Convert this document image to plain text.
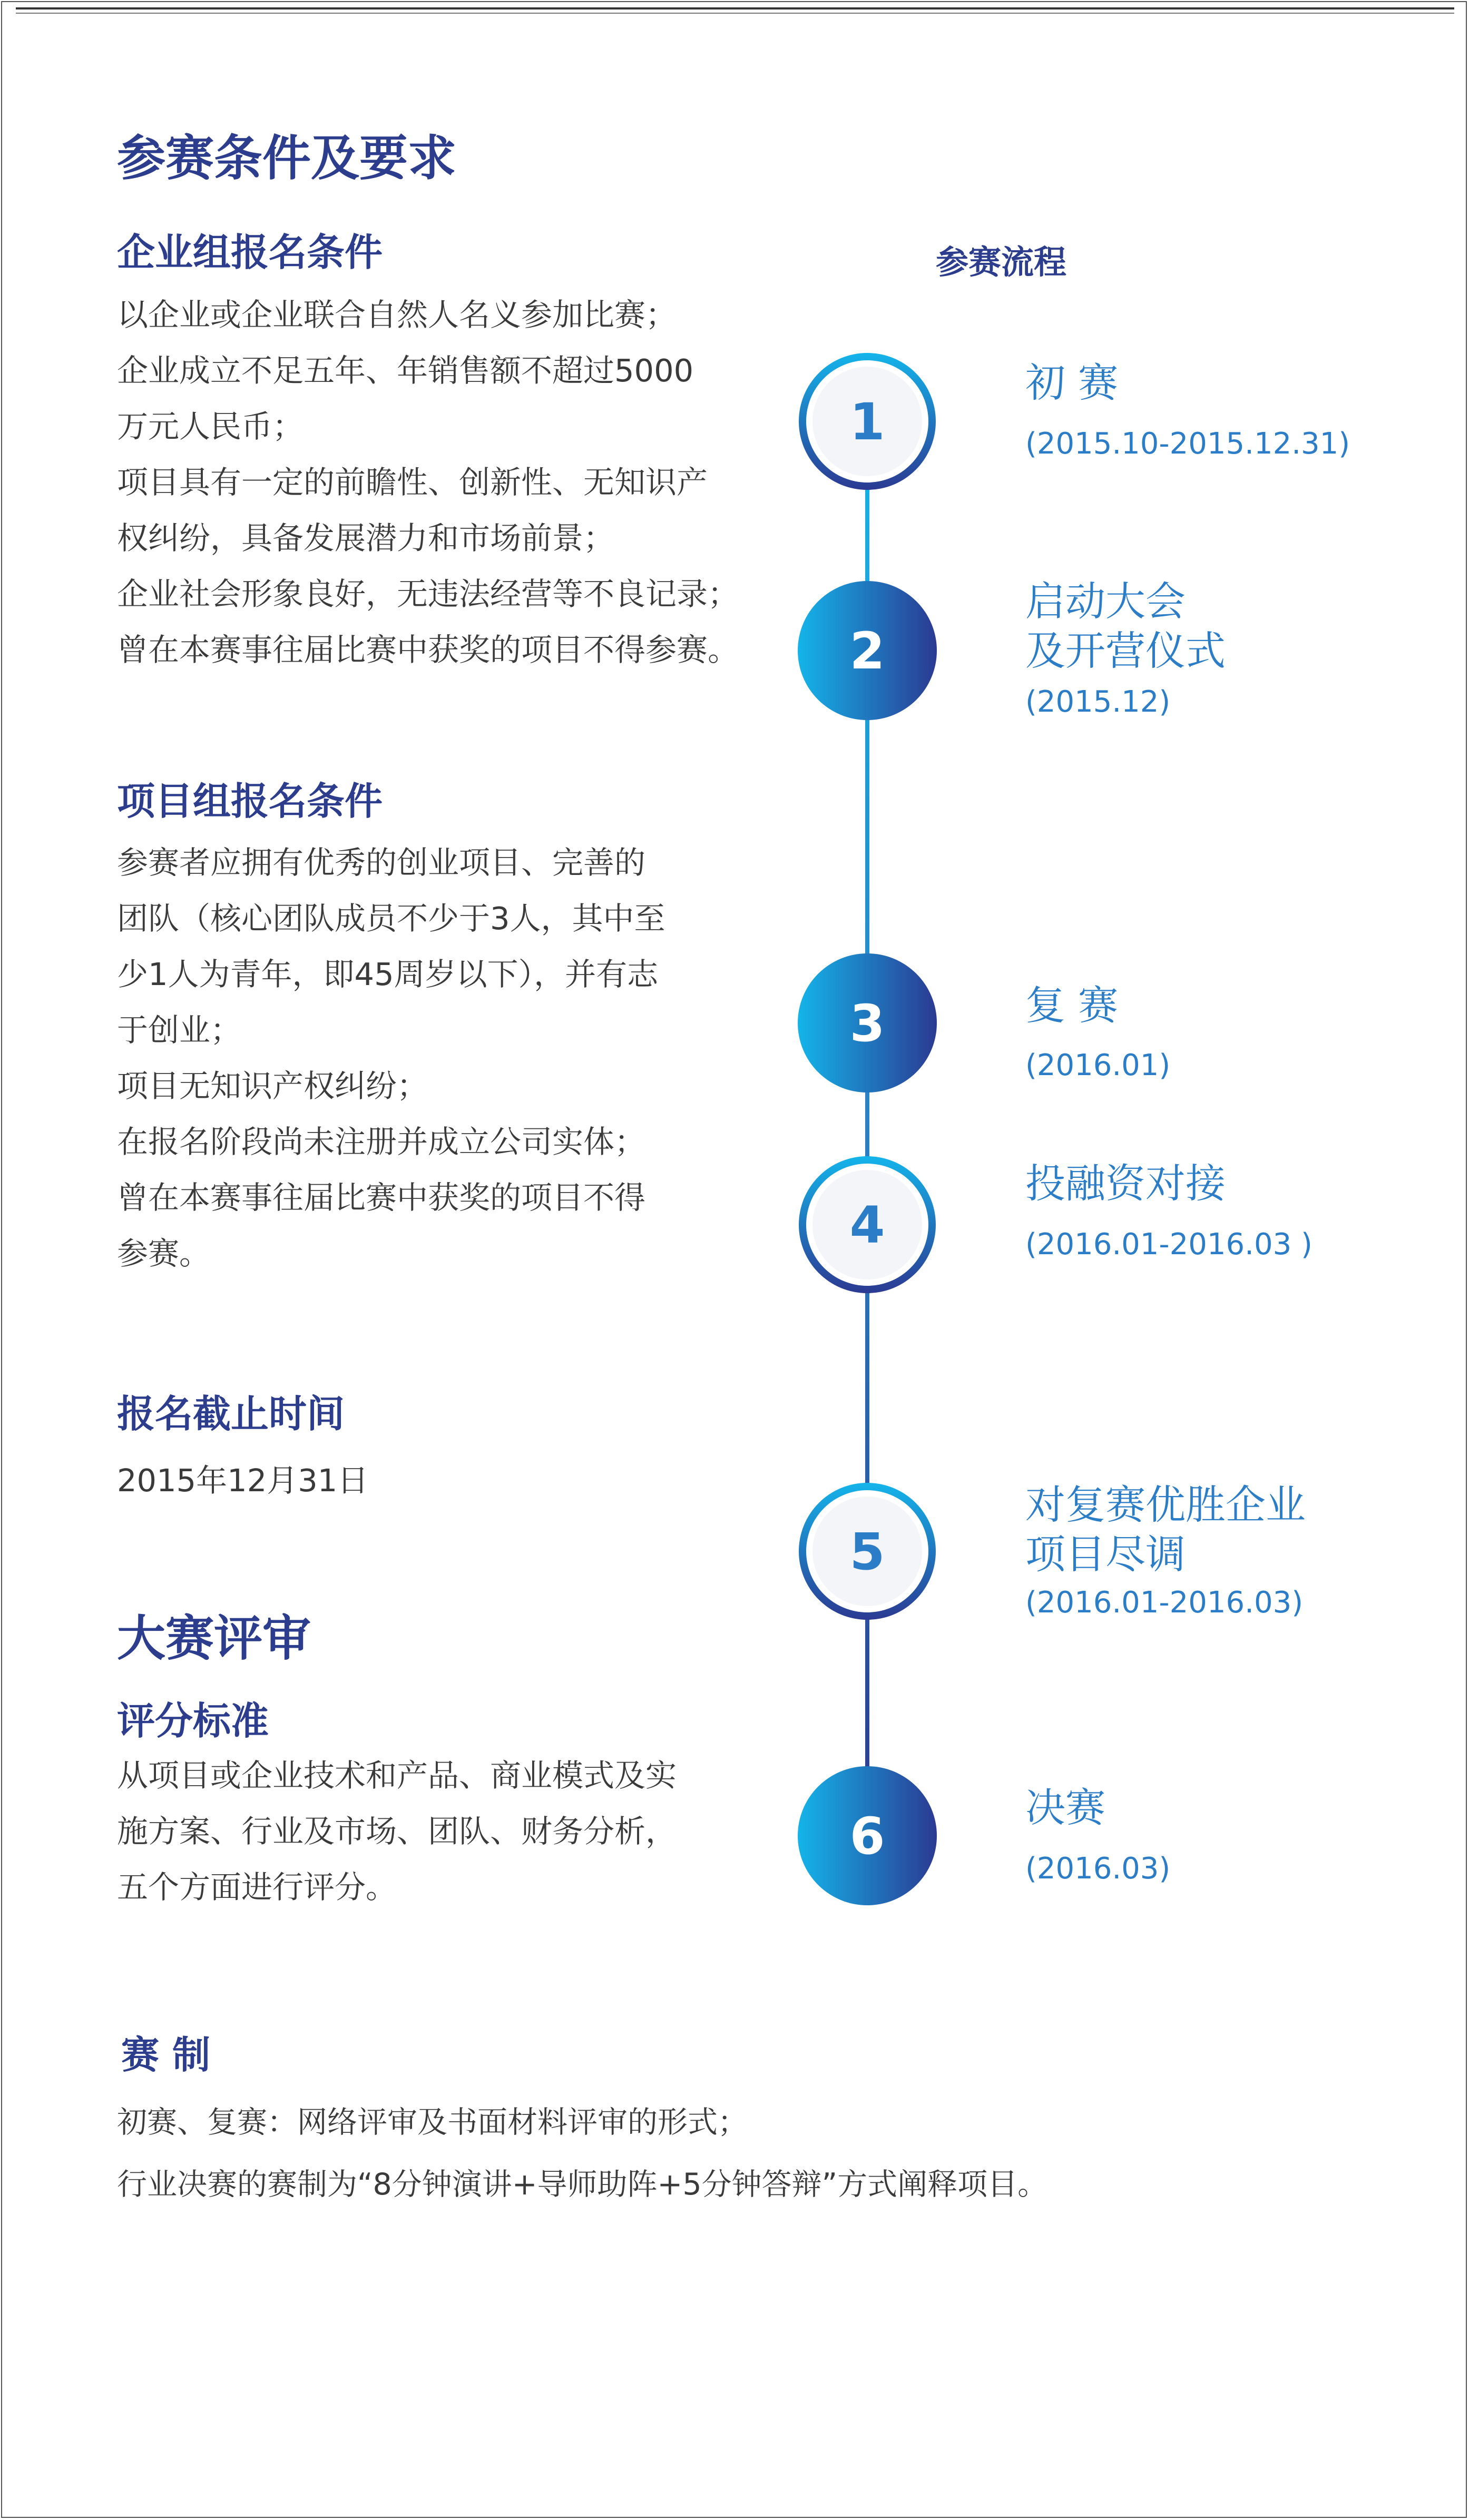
参赛条件及要求
企业组报名条件
以企业或企业联合自然人名义参加比赛；
企业成立不足五年、年销售额不超过5000
万元人民币；
项目具有一定的前瞻性、创新性、无知识产
权纠纷，具备发展潜力和市场前景；
企业社会形象良好，无违法经营等不良记录；
曾在本赛事往届比赛中获奖的项目不得参赛。
项目组报名条件
参赛者应拥有优秀的创业项目、完善的
团队（核心团队成员不少于3人，其中至
少1人为青年，即45周岁以下），并有志
于创业；
项目无知识产权纠纷；
在报名阶段尚未注册并成立公司实体；
曾在本赛事往届比赛中获奖的项目不得
参赛。
报名截止时间
2015年12月31日
大赛评审
评分标准
从项目或企业技术和产品、商业模式及实
施方案、行业及市场、团队、财务分析，
五个方面进行评分。
赛 制
初赛、复赛：网络评审及书面材料评审的形式；
行业决赛的赛制为“8分钟演讲+导师助阵+5分钟答辩”方式阐释项目。
参赛流程
1
2
3
4
5
6
初 赛
(2015.10-2015.12.31)
启动大会
及开营仪式
(2015.12)
复 赛
(2016.01)
投融资对接
(2016.01-2016.03 )
对复赛优胜企业
项目尽调
(2016.01-2016.03)
决赛
(2016.03)
